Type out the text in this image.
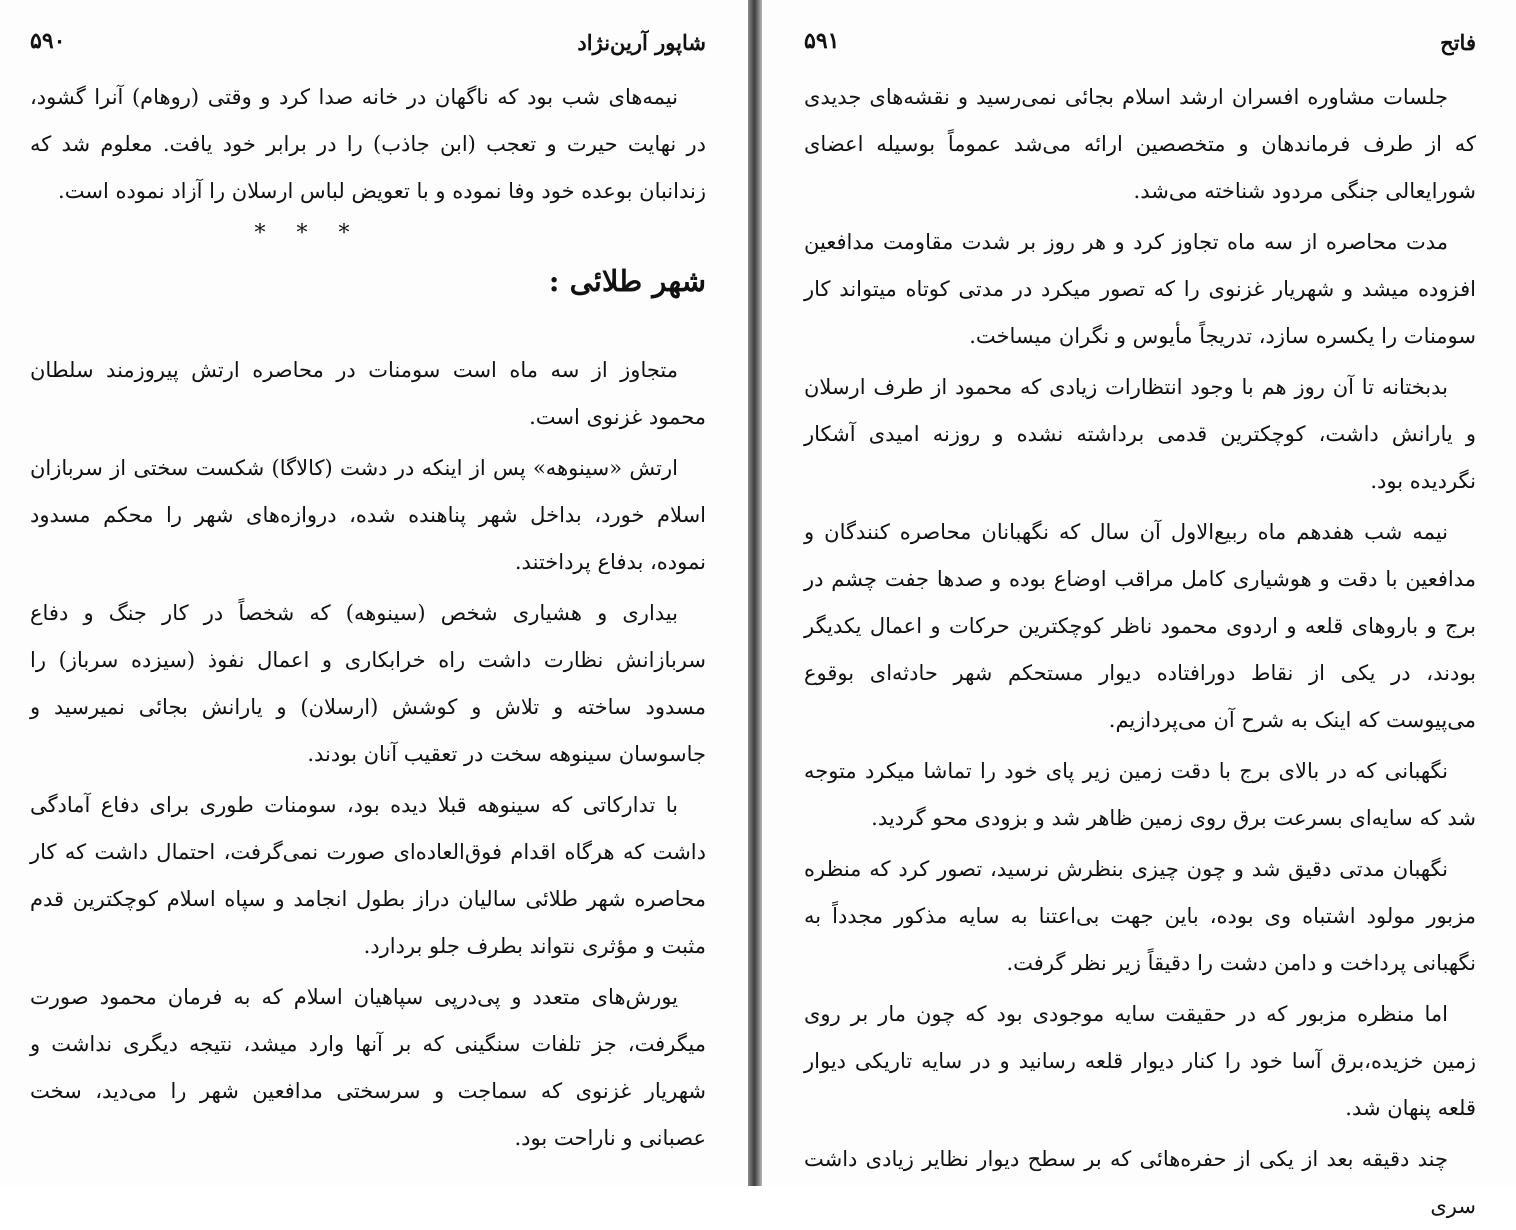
شاپور آرین‌نژاد
۵۹۰

نیمه‌های شب بود که ناگهان در خانه صدا کرد و وقتی (روهام) آنرا گشود، در نهایت حیرت و تعجب (ابن جاذب) را در برابر خود یافت. معلوم شد که زندانبان بوعده خود وفا نموده و با تعویض لباس ارسلان را آزاد نموده است.

* * *
شهر طلائی :

متجاوز از سه ماه است سومنات در محاصره ارتش پیروزمند سلطان محمود غزنوی است.

ارتش «سینوهه» پس از اینکه در دشت (کالاگا) شکست سختی از سربازان اسلام خورد، بداخل شهر پناهنده شده، دروازه‌های شهر را محکم مسدود نموده، بدفاع پرداختند.

بیداری و هشیاری شخص (سینوهه) که شخصاً در کار جنگ و دفاع سربازانش نظارت داشت راه خرابکاری و اعمال نفوذ (سیزده سرباز) را مسدود ساخته و تلاش و کوشش (ارسلان) و یارانش بجائی نمیرسید و جاسوسان سینوهه سخت در تعقیب آنان بودند.

با تدارکاتی که سینوهه قبلا دیده بود، سومنات طوری برای دفاع آمادگی داشت که هرگاه اقدام فوق‌العاده‌ای صورت نمی‌گرفت، احتمال داشت که کار محاصره شهر طلائی سالیان دراز بطول انجامد و سپاه اسلام کوچکترین قدم مثبت و مؤثری نتواند بطرف جلو بردارد.

یورش‌های متعدد و پی‌درپی سپاهیان اسلام که به فرمان محمود صورت میگرفت، جز تلفات سنگینی که بر آنها وارد میشد، نتیجه دیگری نداشت و شهریار غزنوی که سماجت و سرسختی مدافعین شهر را می‌دید، سخت عصبانی و ناراحت بود.

فاتح
۵۹۱

جلسات مشاوره افسران ارشد اسلام بجائی نمی‌رسید و نقشه‌های جدیدی که از طرف فرماندهان و متخصصین ارائه می‌شد عموماً بوسیله اعضای شورایعالی جنگی مردود شناخته می‌شد.

مدت محاصره از سه ماه تجاوز کرد و هر روز بر شدت مقاومت مدافعین افزوده میشد و شهریار غزنوی را که تصور میکرد در مدتی کوتاه میتواند کار سومنات را یکسره سازد، تدریجاً مأیوس و نگران میساخت.

بدبختانه تا آن روز هم با وجود انتظارات زیادی که محمود از طرف ارسلان و یارانش داشت، کوچکترین قدمی برداشته نشده و روزنه امیدی آشکار نگردیده بود.

نیمه شب هفدهم ماه ربیع‌الاول آن سال که نگهبانان محاصره کنندگان و مدافعین با دقت و هوشیاری کامل مراقب اوضاع بوده و صدها جفت چشم در برج و باروهای قلعه و اردوی محمود ناظر کوچکترین حرکات و اعمال یکدیگر بودند، در یکی از نقاط دورافتاده دیوار مستحکم شهر حادثه‌ای بوقوع می‌پیوست که اینک به شرح آن می‌پردازیم.

نگهبانی که در بالای برج با دقت زمین زیر پای خود را تماشا میکرد متوجه شد که سایه‌ای بسرعت برق روی زمین ظاهر شد و بزودی محو گردید.

نگهبان مدتی دقیق شد و چون چیزی بنظرش نرسید، تصور کرد که منظره مزبور مولود اشتباه وی بوده، باین جهت بی‌اعتنا به سایه مذکور مجدداً به نگهبانی پرداخت و دامن دشت را دقیقاً زیر نظر گرفت.

اما منظره مزبور که در حقیقت سایه موجودی بود که چون مار بر روی زمین خزیده،برق آسا خود را کنار دیوار قلعه رسانید و در سایه تاریکی دیوار قلعه پنهان شد.

چند دقیقه بعد از یکی از حفره‌هائی که بر سطح دیوار نظایر زیادی داشت سری
